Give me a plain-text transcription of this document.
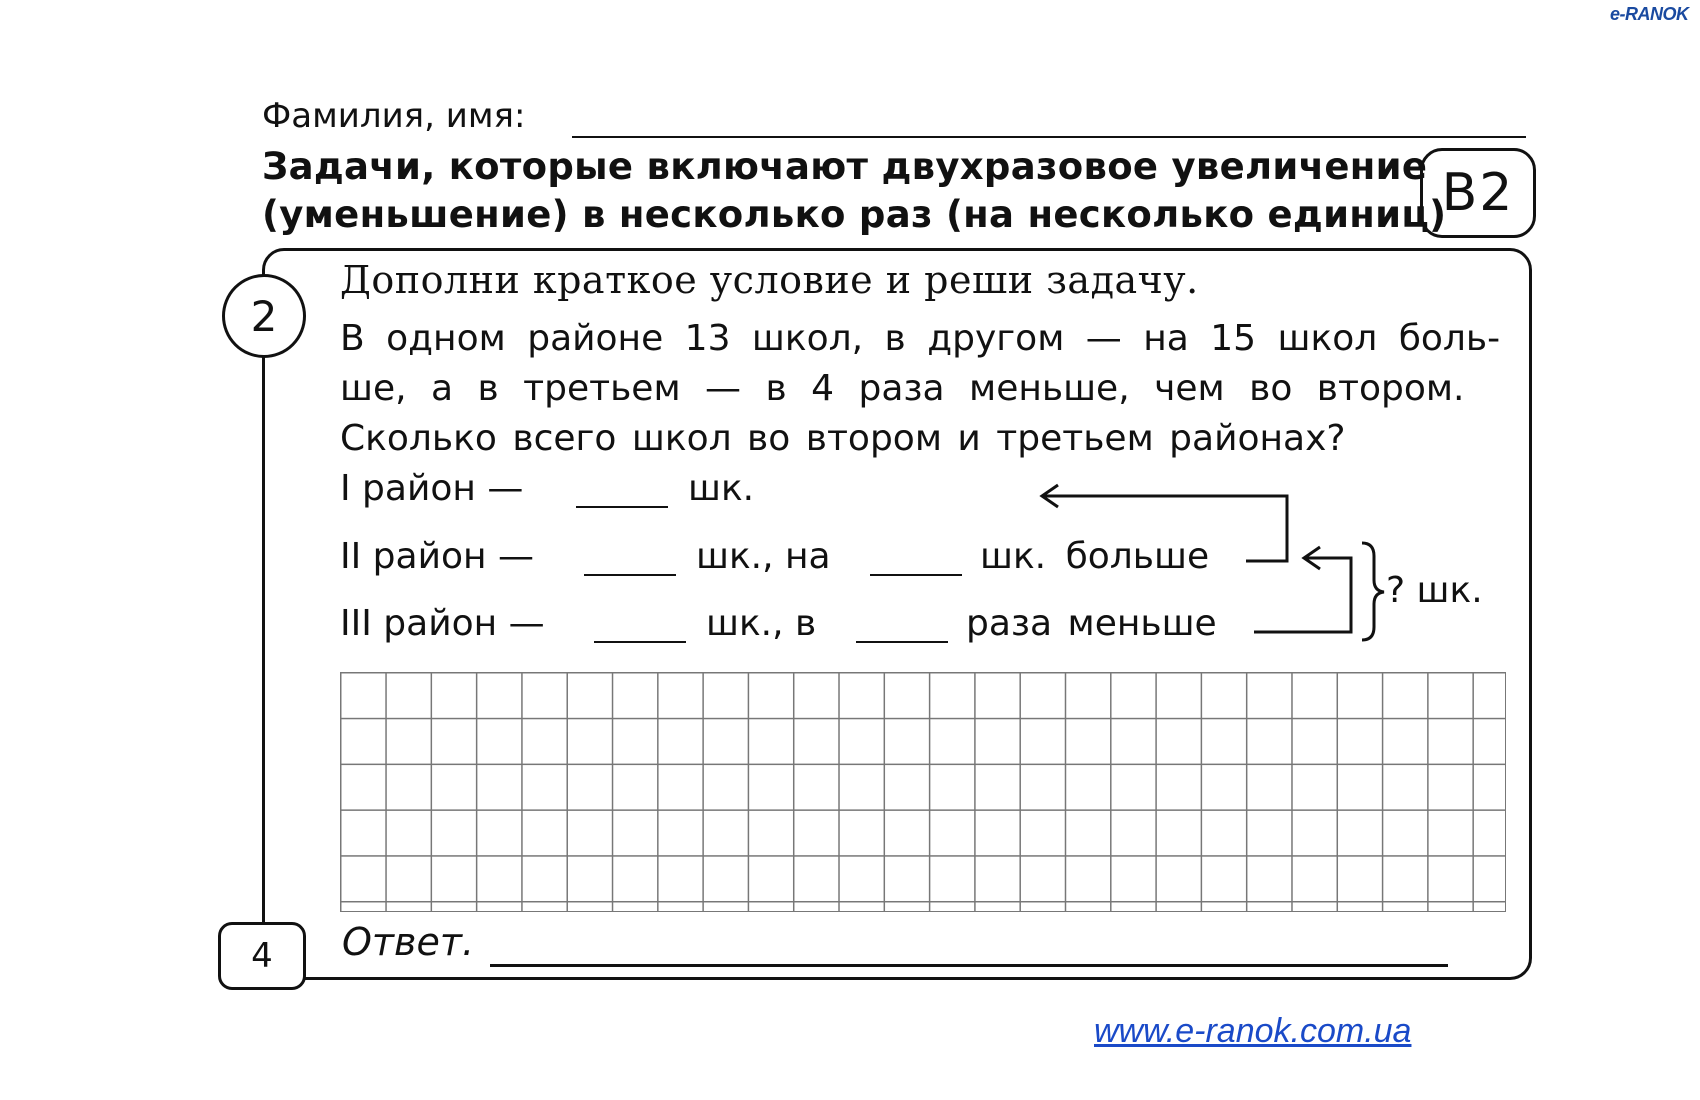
e-RANOK
Фамилия, имя:
Задачи, которые включают двухразовое увеличение
(уменьшение) в несколько раз (на несколько единиц)
B2
2
Дополни краткое условие и реши задачу.
В одном районе 13 школ, в другом — на 15 школ боль-
ше, а в третьем — в 4 раза меньше, чем во втором.
Сколько всего школ во втором и третьем районах?
I район —	шк.
II район —	шк., на	шк. больше
III район —	шк., в	раза меньше
? шк.
4	Ответ.
www.e-ranok.com.ua
